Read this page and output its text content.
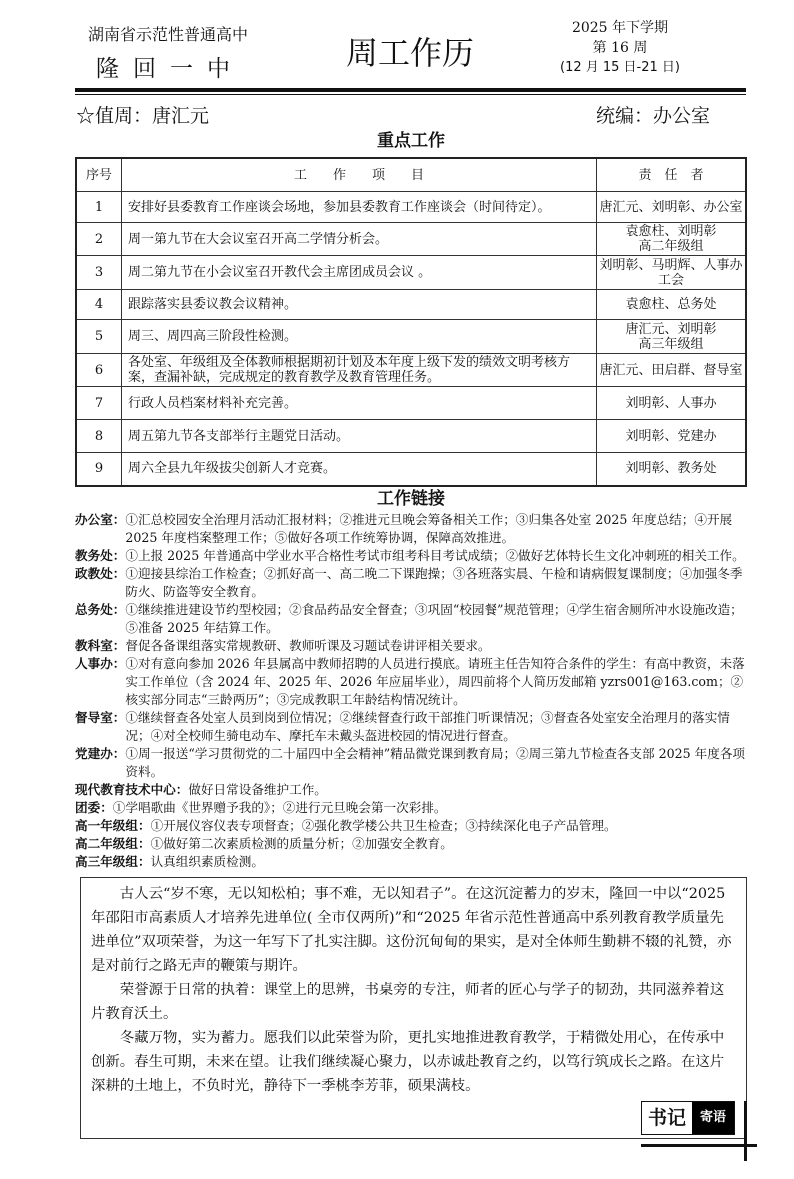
湖南省示范性普通高中
隆回一中	周工作历
2025 年下学期
第 16 周
(12 月 15 日-21 日)
☆值周：唐汇元	统编：办公室
重点工作
序号	工　　作　　项　　目	责　任　者
1	安排好县委教育工作座谈会场地，参加县委教育工作座谈会（时间待定）。	唐汇元、刘明彰、办公室
2	周一第九节在大会议室召开高二学情分析会。	袁愈柱、刘明彰
高二年级组
3	周二第九节在小会议室召开教代会主席团成员会议 。	刘明彰、马明辉、人事办
工会
4	跟踪落实县委议教会议精神。	袁愈柱、总务处
5	周三、周四高三阶段性检测。	唐汇元、刘明彰
高三年级组
6	各处室、年级组及全体教师根据期初计划及本年度上级下发的绩效文明考核方案，查漏补缺，完成规定的教育教学及教育管理任务。	唐汇元、田启群、督导室
7	行政人员档案材料补充完善。	刘明彰、人事办
8	周五第九节各支部举行主题党日活动。	刘明彰、党建办
9	周六全县九年级拔尖创新人才竞赛。	刘明彰、教务处
工作链接
办公室： ①汇总校园安全治理月活动汇报材料；②推进元旦晚会筹备相关工作；③归集各处室 2025 年度总结；④开展 2025 年度档案整理工作；⑤做好各项工作统筹协调，保障高效推进。
教务处： ①上报 2025 年普通高中学业水平合格性考试市组考科目考试成绩；②做好艺体特长生文化冲刺班的相关工作。
政教处： ①迎接县综治工作检查；②抓好高一、高二晚二下课跑操；③各班落实晨、午检和请病假复课制度；④加强冬季防火、防盗等安全教育。
总务处： ①继续推进建设节约型校园；②食品药品安全督查；③巩固“校园餐”规范管理；④学生宿舍厕所冲水设施改造；⑤准备 2025 年结算工作。
教科室： 督促各备课组落实常规教研、教师听课及习题试卷讲评相关要求。
人事办： ①对有意向参加 2026 年县属高中教师招聘的人员进行摸底。请班主任告知符合条件的学生：有高中教资，未落实工作单位（含 2024 年、2025 年、2026 年应届毕业），周四前将个人简历发邮箱 yzrs001@163.com；②核实部分同志“三龄两历”；③完成教职工年龄结构情况统计。
督导室： ①继续督查各处室人员到岗到位情况；②继续督查行政干部推门听课情况；③督查各处室安全治理月的落实情况；④对全校师生骑电动车、摩托车未戴头盔进校园的情况进行督查。
党建办： ①周一报送“学习贯彻党的二十届四中全会精神”精品微党课到教育局；②周三第九节检查各支部 2025 年度各项资料。
现代教育技术中心： 做好日常设备维护工作。
团委： ①学唱歌曲《世界赠予我的》；②进行元旦晚会第一次彩排。
高一年级组： ①开展仪容仪表专项督查；②强化教学楼公共卫生检查；③持续深化电子产品管理。
高二年级组： ①做好第二次素质检测的质量分析；②加强安全教育。
高三年级组： 认真组织素质检测。

古人云“岁不寒，无以知松柏；事不难，无以知君子”。在这沉淀蓄力的岁末，隆回一中以“2025 年邵阳市高素质人才培养先进单位( 全市仅两所)”和“2025 年省示范性普通高中系列教育教学质量先进单位”双项荣誉，为这一年写下了扎实注脚。这份沉甸甸的果实，是对全体师生勤耕不辍的礼赞，亦是对前行之路无声的鞭策与期许。

荣誉源于日常的执着：课堂上的思辨，书桌旁的专注，师者的匠心与学子的韧劲，共同滋养着这片教育沃土。

冬藏万物，实为蓄力。愿我们以此荣誉为阶，更扎实地推进教育教学，于精微处用心，在传承中创新。春生可期，未来在望。让我们继续凝心聚力，以赤诚赴教育之约，以笃行筑成长之路。在这片深耕的土地上，不负时光，静待下一季桃李芳菲，硕果满枝。

书记	寄语
